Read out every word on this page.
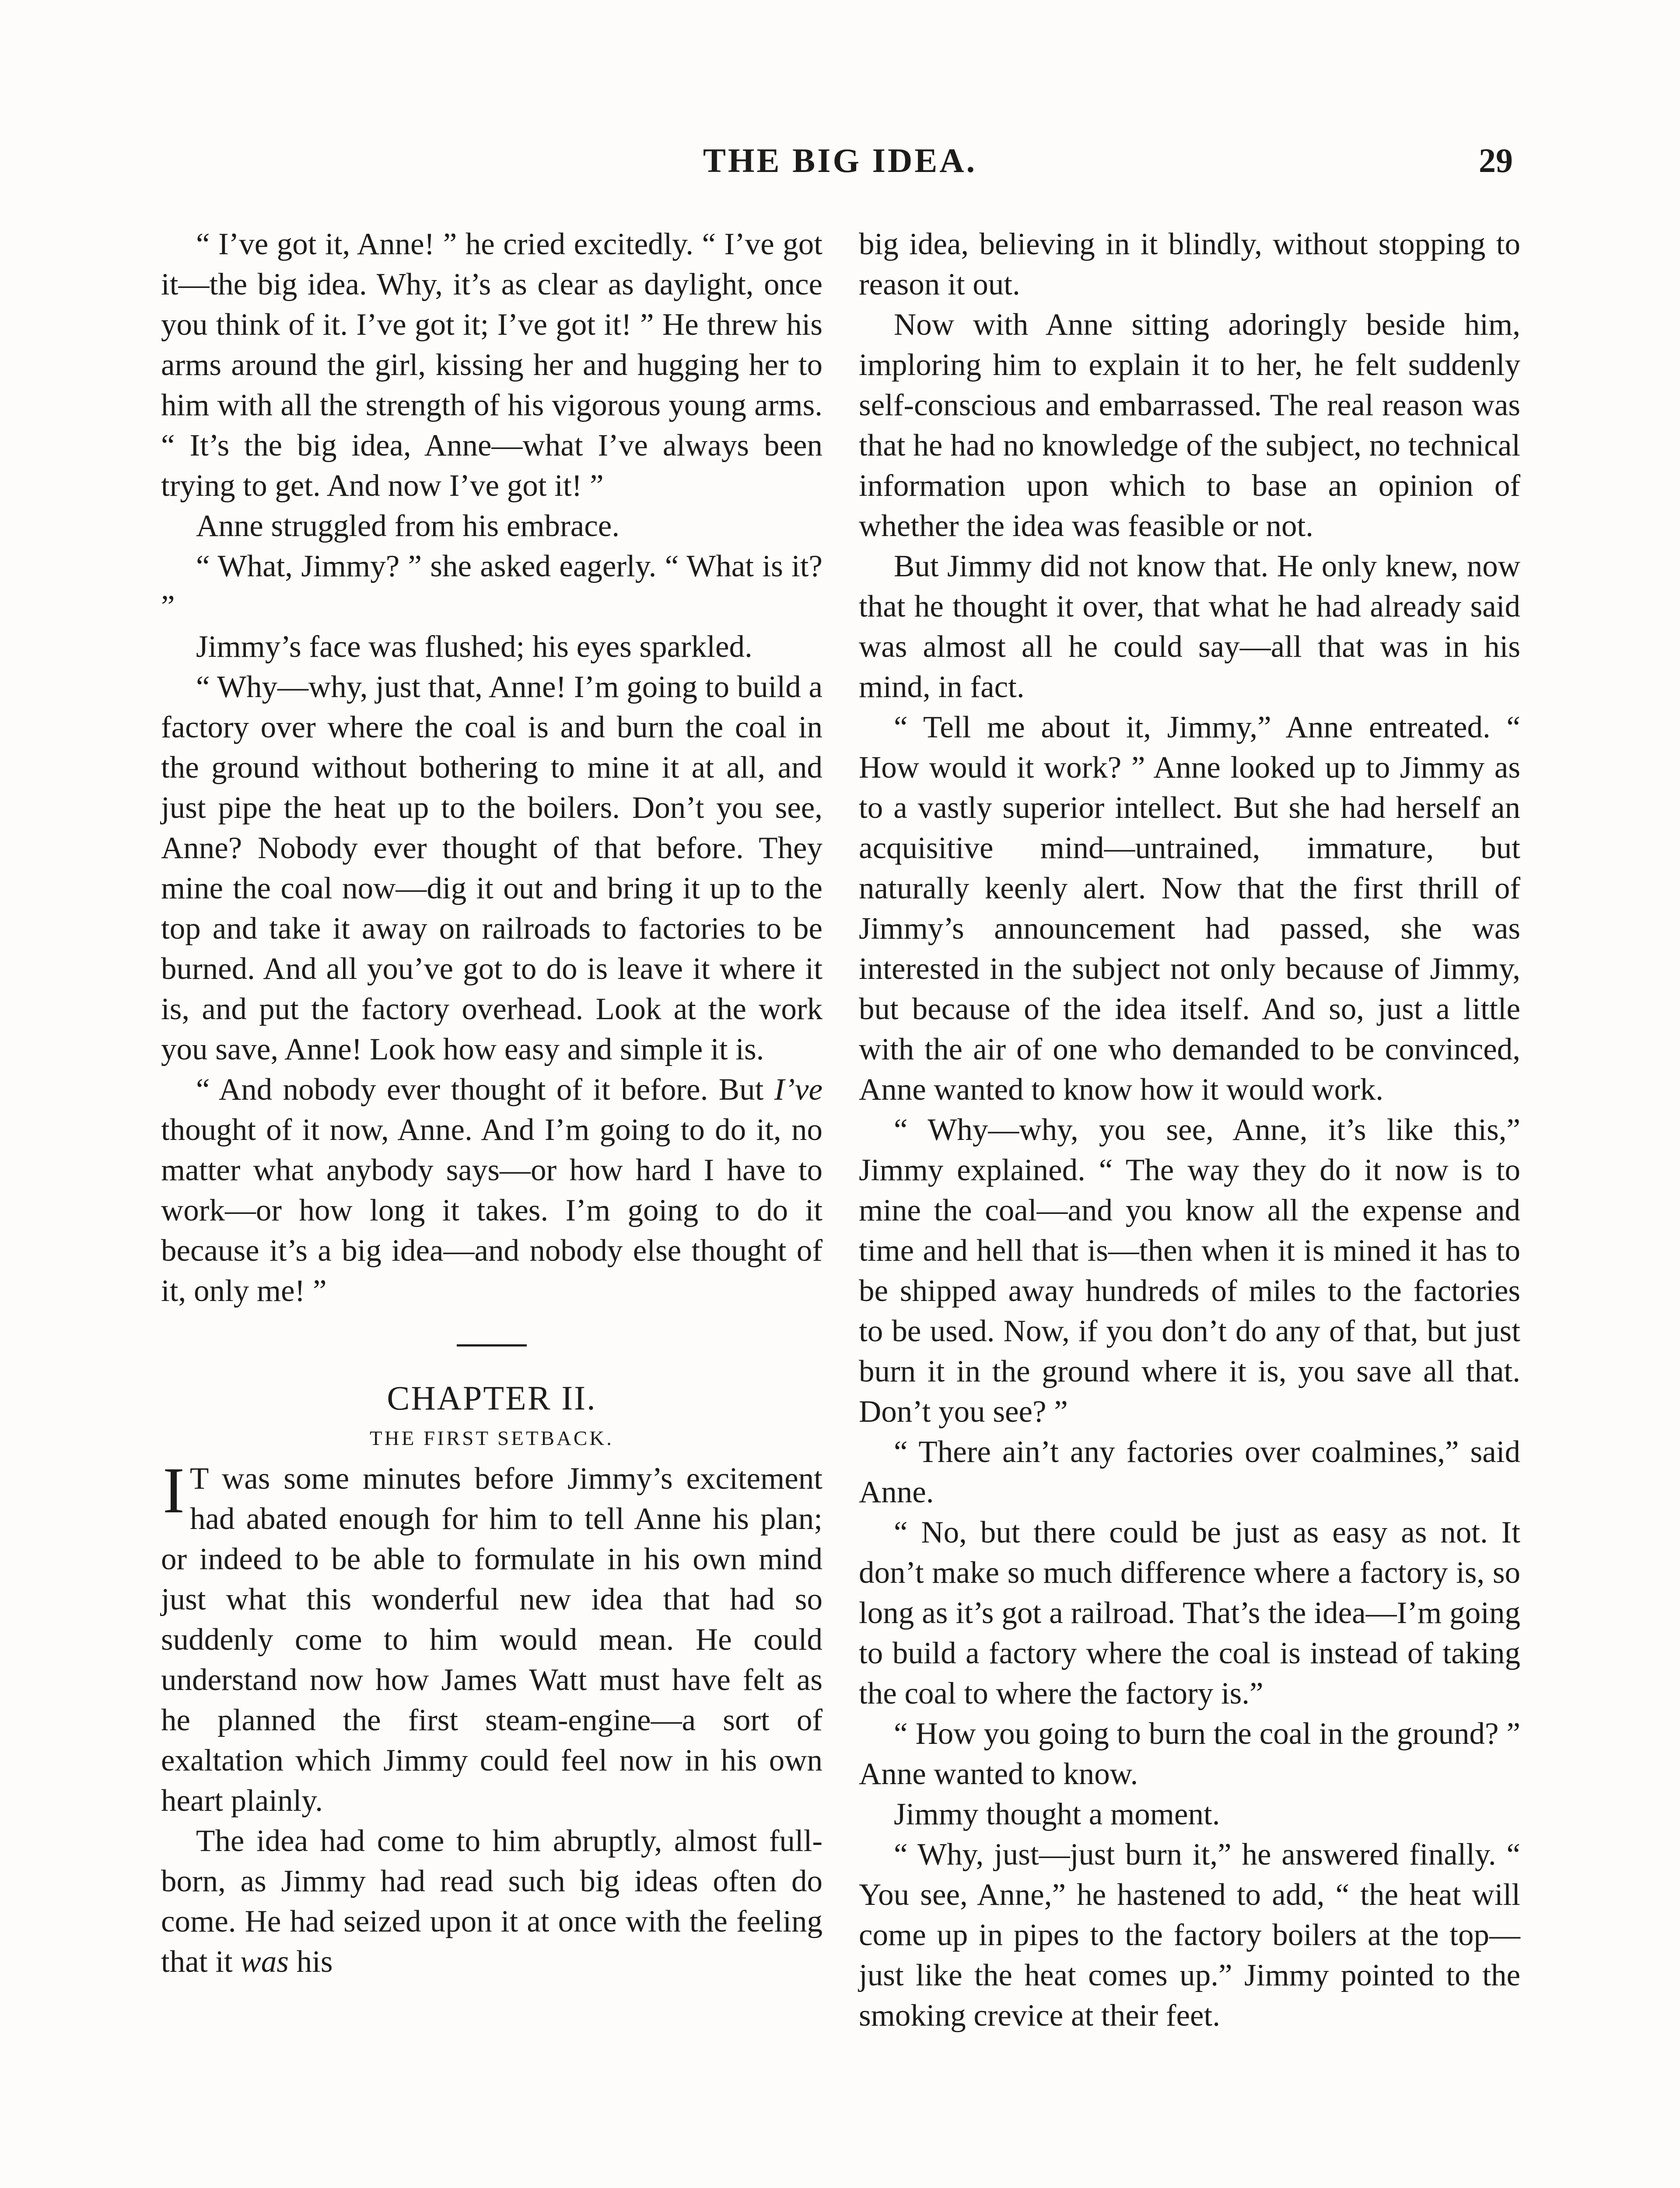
THE BIG IDEA.	29

“ I’ve got it, Anne! ” he cried excitedly. “ I’ve got it—the big idea. Why, it’s as clear as daylight, once you think of it. I’ve got it; I’ve got it! ” He threw his arms around the girl, kissing her and hugging her to him with all the strength of his vigorous young arms. “ It’s the big idea, Anne—what I’ve always been trying to get. And now I’ve got it! ”

Anne struggled from his embrace.

“ What, Jimmy? ” she asked eagerly. “ What is it? ”

Jimmy’s face was flushed; his eyes sparkled.

“ Why—why, just that, Anne! I’m going to build a factory over where the coal is and burn the coal in the ground without bothering to mine it at all, and just pipe the heat up to the boilers. Don’t you see, Anne? Nobody ever thought of that before. They mine the coal now—dig it out and bring it up to the top and take it away on railroads to factories to be burned. And all you’ve got to do is leave it where it is, and put the factory overhead. Look at the work you save, Anne! Look how easy and simple it is.

“ And nobody ever thought of it before. But I’ve thought of it now, Anne. And I’m going to do it, no matter what anybody says—or how hard I have to work—or how long it takes. I’m going to do it because it’s a big idea—and nobody else thought of it, only me! ”

CHAPTER II.

THE FIRST SETBACK.

I T was some minutes before Jimmy’s excitement had abated enough for him to tell Anne his plan; or indeed to be able to formulate in his own mind just what this wonderful new idea that had so suddenly come to him would mean. He could understand now how James Watt must have felt as he planned the first steam-engine—a sort of exaltation which Jimmy could feel now in his own heart plainly.

The idea had come to him abruptly, almost full-born, as Jimmy had read such big ideas often do come. He had seized upon it at once with the feeling that it was his

big idea, believing in it blindly, without stopping to reason it out.

Now with Anne sitting adoringly beside him, imploring him to explain it to her, he felt suddenly self-conscious and embarrassed. The real reason was that he had no knowledge of the subject, no technical information upon which to base an opinion of whether the idea was feasible or not.

But Jimmy did not know that. He only knew, now that he thought it over, that what he had already said was almost all he could say—all that was in his mind, in fact.

“ Tell me about it, Jimmy,” Anne entreated. “ How would it work? ” Anne looked up to Jimmy as to a vastly superior intellect. But she had herself an acquisitive mind—untrained, immature, but naturally keenly alert. Now that the first thrill of Jimmy’s announcement had passed, she was interested in the subject not only because of Jimmy, but because of the idea itself. And so, just a little with the air of one who demanded to be convinced, Anne wanted to know how it would work.

“ Why—why, you see, Anne, it’s like this,” Jimmy explained. “ The way they do it now is to mine the coal—and you know all the expense and time and hell that is—then when it is mined it has to be shipped away hundreds of miles to the factories to be used. Now, if you don’t do any of that, but just burn it in the ground where it is, you save all that. Don’t you see? ”

“ There ain’t any factories over coalmines,” said Anne.

“ No, but there could be just as easy as not. It don’t make so much difference where a factory is, so long as it’s got a railroad. That’s the idea—I’m going to build a factory where the coal is instead of taking the coal to where the factory is.”

“ How you going to burn the coal in the ground? ” Anne wanted to know.

Jimmy thought a moment.

“ Why, just—just burn it,” he answered finally. “ You see, Anne,” he hastened to add, “ the heat will come up in pipes to the factory boilers at the top—just like the heat comes up.” Jimmy pointed to the smoking crevice at their feet.
